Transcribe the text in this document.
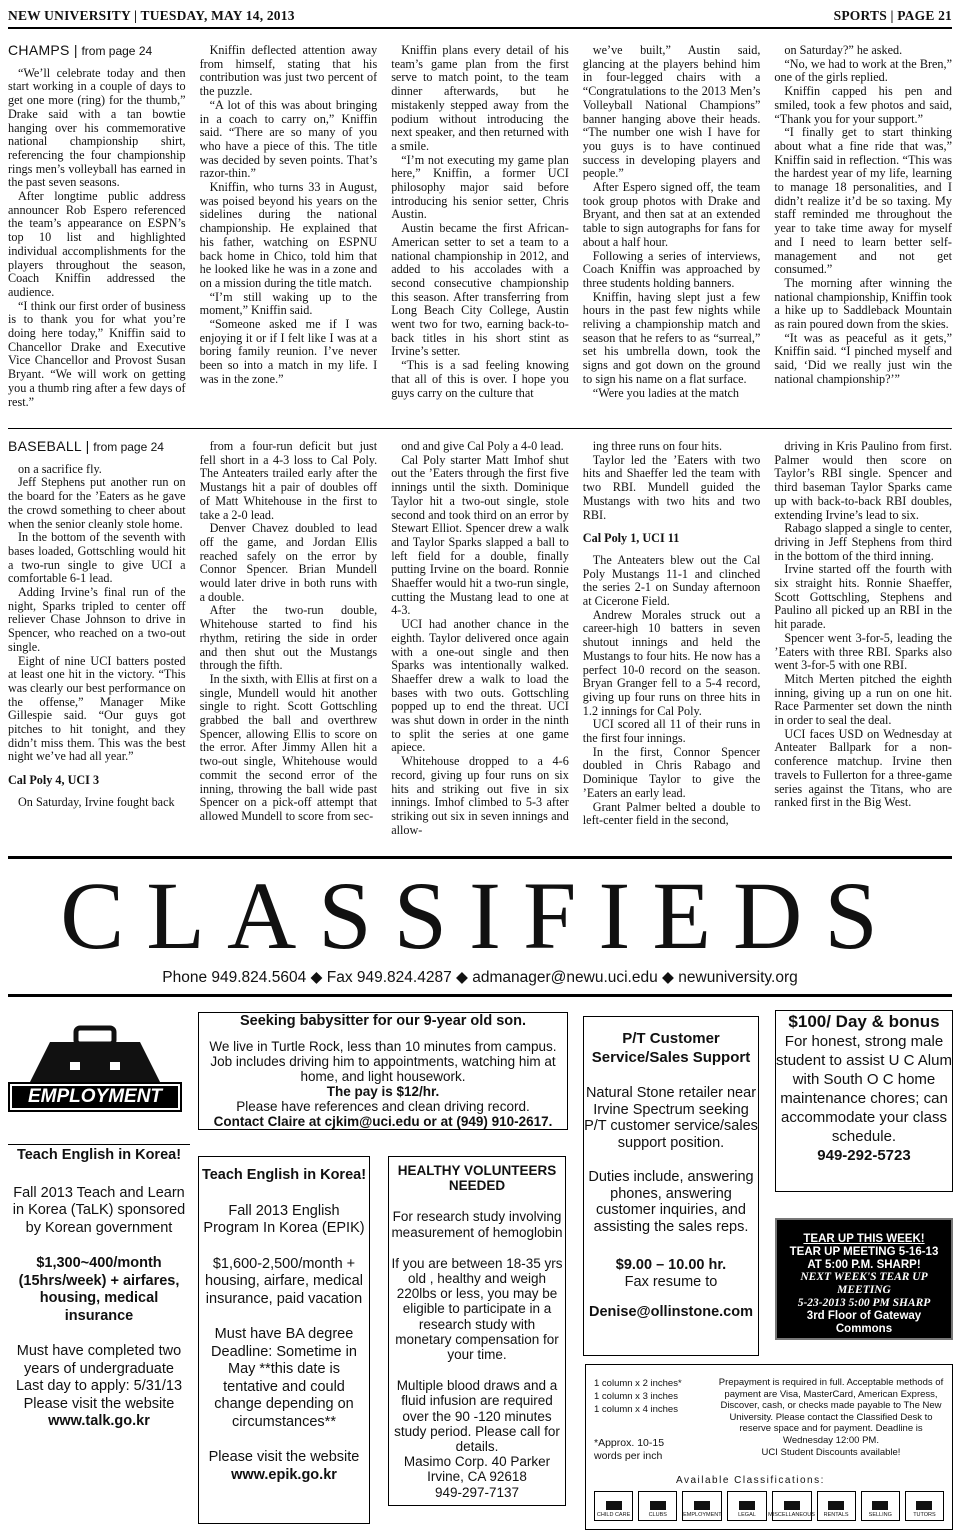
NEW UNIVERSITY | TUESDAY, MAY 14, 2013	SPORTS | PAGE 21
CHAMPS | from page 24

“We’ll celebrate today and then start working in a couple of days to get one more (ring) for the thumb,” Drake said with a tan bowtie hanging over his commemorative national championship shirt, referencing the four championship rings men’s volleyball has earned in the past seven seasons.

After longtime public address announcer Rob Espero referenced the team’s appearance on ESPN’s top 10 list and highlighted individual accomplishments for the players throughout the season, Coach Kniffin addressed the audience.

“I think our first order of business is to thank you for what you’re doing here today,” Kniffin said to Chancellor Drake and Executive Vice Chancellor and Provost Susan Bryant. “We will work on getting you a thumb ring after a few days of rest.”

Kniffin deflected attention away from himself, stating that his contribution was just two percent of the puzzle.

“A lot of this was about bringing in a coach to carry on,” Kniffin said. “There are so many of you who have a piece of this. The title was decided by seven points. That’s razor-thin.”

Kniffin, who turns 33 in August, was poised beyond his years on the sidelines during the national championship. He explained that his father, watching on ESPNU back home in Chico, told him that he looked like he was in a zone and on a mission during the title match.

“I’m still waking up to the moment,” Kniffin said.

“Someone asked me if I was enjoying it or if I felt like I was at a boring family reunion. I’ve never been so into a match in my life. I was in the zone.”

Kniffin plans every detail of his team’s game plan from the first serve to match point, to the team dinner afterwards, but he mistakenly stepped away from the podium without introducing the next speaker, and then returned with a smile.

“I’m not executing my game plan here,” Kniffin, a former UCI philosophy major said before introducing his senior setter, Chris Austin.

Austin became the first African-American setter to set a team to a national championship in 2012, and added to his accolades with a second consecutive championship this season. After transferring from Long Beach City College, Austin went two for two, earning back-to-back titles in his short stint as Irvine’s setter.

“This is a sad feeling knowing that all of this is over. I hope you guys carry on the culture that

we’ve built,” Austin said, glancing at the players behind him in four-legged chairs with a “Congratulations to the 2013 Men’s Volleyball National Champions” banner hanging above their heads. “The number one wish I have for you guys is to have continued success in developing players and people.”

After Espero signed off, the team took group photos with Drake and Bryant, and then sat at an extended table to sign autographs for fans for about a half hour.

Following a series of interviews, Coach Kniffin was approached by three students holding banners.

Kniffin, having slept just a few hours in the past few nights while reliving a championship match and season that he refers to as “surreal,” set his umbrella down, took the signs and got down on the ground to sign his name on a flat surface.

“Were you ladies at the match

on Saturday?” he asked.

“No, we had to work at the Bren,” one of the girls replied.

Kniffin capped his pen and smiled, took a few photos and said, “Thank you for your support.”

“I finally get to start thinking about what a fine ride that was,” Kniffin said in reflection. “This was the hardest year of my life, learning to manage 18 personalities, and I didn’t realize it’d be so taxing. My staff reminded me throughout the year to take time away for myself and I need to learn better self-management and not get consumed.”

The morning after winning the national championship, Kniffin took a hike up to Saddleback Mountain as rain poured down from the skies.

“It was as peaceful as it gets,” Kniffin said. “I pinched myself and said, ‘Did we really just win the national championship?’”

BASEBALL | from page 24

on a sacrifice fly.

Jeff Stephens put another run on the board for the ’Eaters as he gave the crowd something to cheer about when the senior cleanly stole home.

In the bottom of the seventh with bases loaded, Gottschling would hit a two-run single to give UCI a comfortable 6-1 lead.

Adding Irvine’s final run of the night, Sparks tripled to center off reliever Chase Johnson to drive in Spencer, who reached on a two-out single.

Eight of nine UCI batters posted at least one hit in the victory. “This was clearly our best performance on the offense,” Manager Mike Gillespie said. “Our guys got pitches to hit tonight, and they didn’t miss them. This was the best night we’ve had all year.”

Cal Poly 4, UCI 3

On Saturday, Irvine fought back

from a four-run deficit but just fell short in a 4-3 loss to Cal Poly. The Anteaters trailed early after the Mustangs hit a pair of doubles off of Matt Whitehouse in the first to take a 2-0 lead.

Denver Chavez doubled to lead off the game, and Jordan Ellis reached safely on the error by Connor Spencer. Brian Mundell would later drive in both runs with a double.

After the two-run double, Whitehouse started to find his rhythm, retiring the side in order and then shut out the Mustangs through the fifth.

In the sixth, with Ellis at first on a single, Mundell would hit another single to right. Scott Gottschling grabbed the ball and overthrew Spencer, allowing Ellis to score on the error. After Jimmy Allen hit a two-out single, Whitehouse would commit the second error of the inning, throwing the ball wide past Spencer on a pick-off attempt that allowed Mundell to score from sec-

ond and give Cal Poly a 4-0 lead.

Cal Poly starter Matt Imhof shut out the ’Eaters through the first five innings until the sixth. Dominique Taylor hit a two-out single, stole second and took third on an error by Stewart Elliot. Spencer drew a walk and Taylor Sparks slapped a ball to left field for a double, finally putting Irvine on the board. Ronnie Shaeffer would hit a two-run single, cutting the Mustang lead to one at 4-3.

UCI had another chance in the eighth. Taylor delivered once again with a one-out single and then Sparks was intentionally walked. Shaeffer drew a walk to load the bases with two outs. Gottschling popped up to end the threat. UCI was shut down in order in the ninth to split the series at one game apiece.

Whitehouse dropped to a 4-6 record, giving up four runs on six hits and striking out five in six innings. Imhof climbed to 5-3 after striking out six in seven innings and allow-

ing three runs on four hits.

Taylor led the ’Eaters with two hits and Shaeffer led the team with two RBI. Mundell guided the Mustangs with two hits and two RBI.

Cal Poly 1, UCI 11

The Anteaters blew out the Cal Poly Mustangs 11-1 and clinched the series 2-1 on Sunday afternoon at Cicerone Field.

Andrew Morales struck out a career-high 10 batters in seven shutout innings and held the Mustangs to four hits. He now has a perfect 10-0 record on the season. Bryan Granger fell to a 5-4 record, giving up four runs on three hits in 1.2 innings for Cal Poly.

UCI scored all 11 of their runs in the first four innings.

In the first, Connor Spencer doubled in Chris Rabago and Dominique Taylor to give the ’Eaters an early lead.

Grant Palmer belted a double to left-center field in the second,

driving in Kris Paulino from first. Palmer would then score on Taylor’s RBI single. Spencer and third baseman Taylor Sparks came up with back-to-back RBI doubles, extending Irvine’s lead to six.

Rabago slapped a single to center, driving in Jeff Stephens from third in the bottom of the third inning.

Irvine started off the fourth with six straight hits. Ronnie Shaeffer, Scott Gottschling, Stephens and Paulino all picked up an RBI in the hit parade.

Spencer went 3-for-5, leading the ’Eaters with three RBI. Sparks also went 3-for-5 with one RBI.

Mitch Merten pitched the eighth inning, giving up a run on one hit. Race Parmenter set down the ninth in order to seal the deal.

UCI faces USD on Wednesday at Anteater Ballpark for a non-conference matchup. Irvine then travels to Fullerton for a three-game series against the Titans, who are ranked first in the Big West.

CLASSIFIEDS
Phone 949.824.5604 ◆ Fax 949.824.4287 ◆ admanager@newu.uci.edu ◆ newuniversity.org
EMPLOYMENT
Seeking babysitter for our 9-year old son.
We live in Turtle Rock, less than 10 minutes from campus. Job includes driving him to appointments, watching him at home, and light housework.
The pay is $12/hr.
Please have references and clean driving record.
Contact Claire at cjkim@uci.edu or at (949) 910-2617.
Teach English in Korea!
Fall 2013 Teach and Learn in Korea (TaLK) sponsored by Korean government
$1,300~400/month (15hrs/week) + airfares, housing, medical insurance
Must have completed two years of undergraduate
Last day to apply: 5/31/13
Please visit the website
www.talk.go.kr
Teach English in Korea!
Fall 2013 English Program In Korea (EPIK)
$1,600-2,500/month + housing, airfare, medical insurance, paid vacation
Must have BA degree Deadline: Sometime in May **this date is tentative and could change depending on circumstances**
Please visit the website
www.epik.go.kr
HEALTHY VOLUNTEERS NEEDED
For research study involving measurement of hemoglobin
If you are between 18-35 yrs old , healthy and weigh 220lbs or less, you may be eligible to participate in a research study with monetary compensation for your time.
Multiple blood draws and a fluid infusion are required over the 90 -120 minutes study period. Please call for details.
Masimo Corp. 40 Parker Irvine, CA 92618
949-297-7137
P/T Customer Service/Sales Support
Natural Stone retailer near Irvine Spectrum seeking P/T customer service/sales support position.
Duties include, answering phones, answering customer inquiries, and assisting the sales reps.
$9.00 – 10.00 hr.
Fax resume to
Denise@ollinstone.com
$100/ Day & bonus
For honest, strong male student to assist U C Alum with South O C home maintenance chores; can accommodate your class schedule.
949-292-5723
TEAR UP THIS WEEK!
TEAR UP MEETING 5-16-13
AT 5:00 P.M. SHARP!
NEXT WEEK'S TEAR UP
MEETING
5-23-2013 5:00 PM SHARP
3rd Floor of Gateway
Commons
1 column x 2 inches*
1 column x 3 inches
1 column x 4 inches
*Approx. 10-15 words per inch
Prepayment is required in full. Acceptable methods of payment are Visa, MasterCard, American Express, Discover, cash, or checks made payable to The New University. Please contact the Classified Desk to reserve space and for payment. Deadline is Wednesday 12:00 PM.
UCI Student Discounts available!
Available Classifications:
CHILD CARE	CLUBS	EMPLOYMENT	LEGAL MISCELLANEOUS RENTALS	SELLING	TUTORS
